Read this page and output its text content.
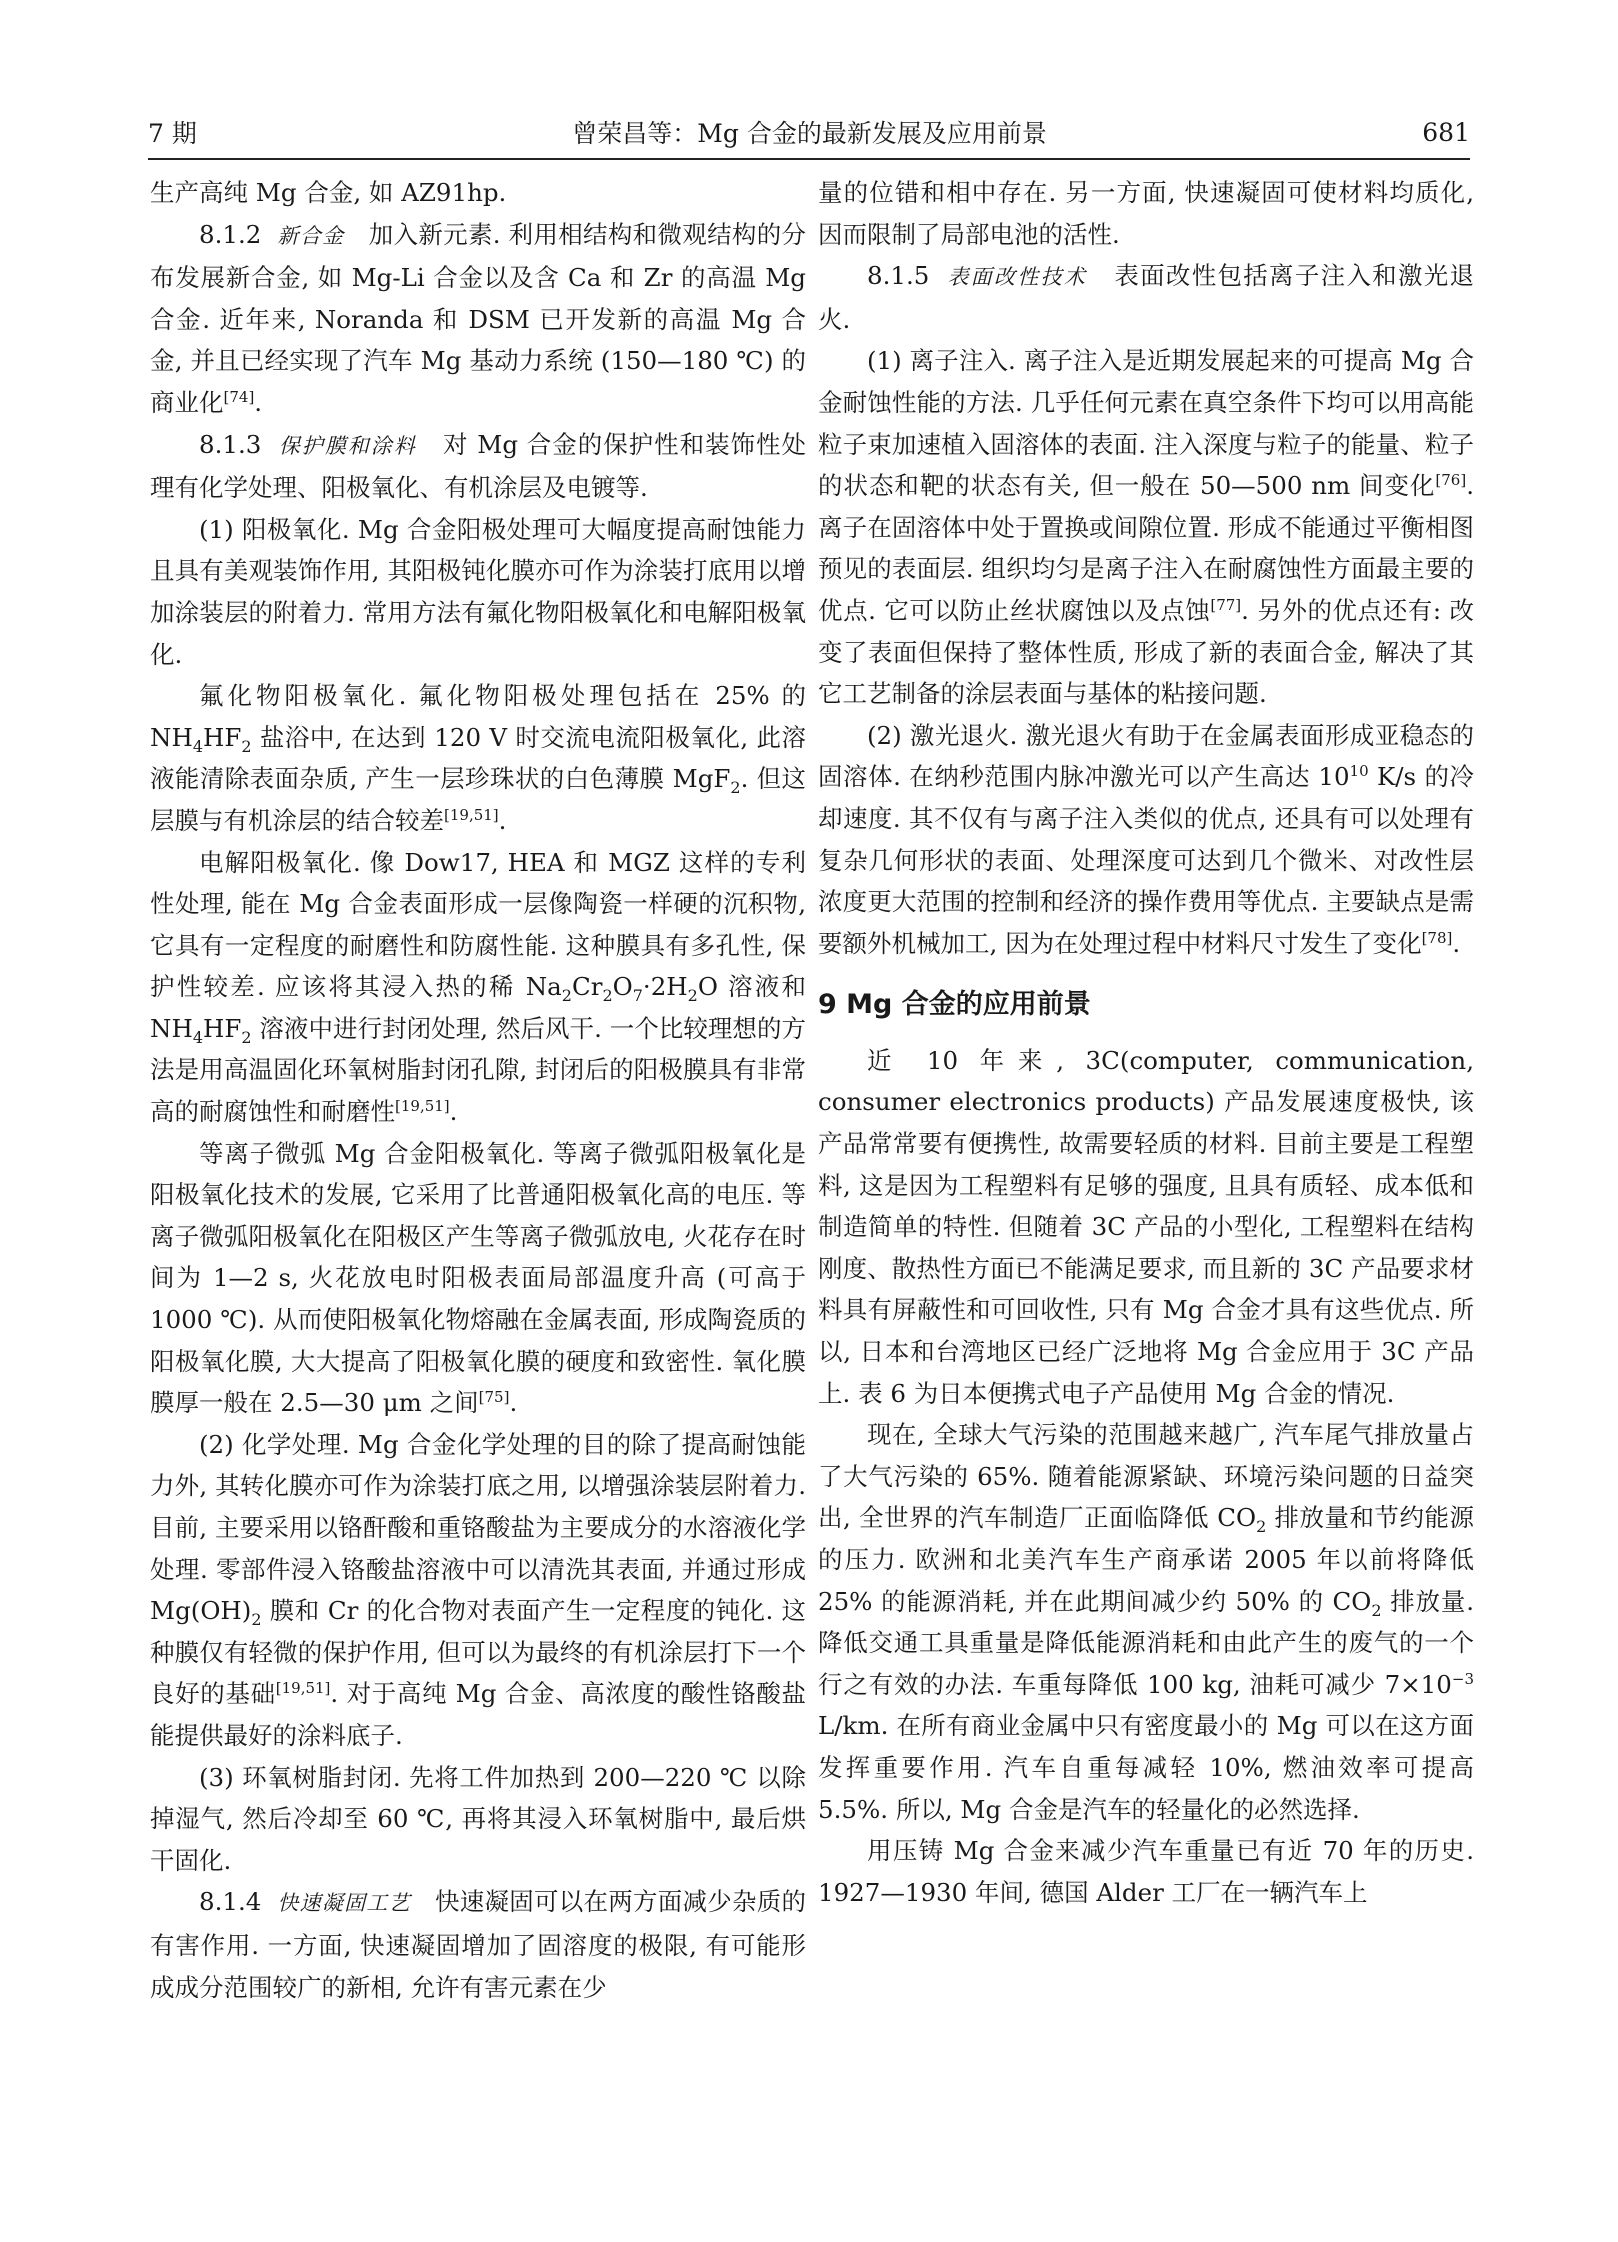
7 期	曾荣昌等：Mg 合金的最新发展及应用前景	681

生产高纯 Mg 合金, 如 AZ91hp.

8.1.2 新合金 加入新元素. 利用相结构和微观结构的分布发展新合金, 如 Mg-Li 合金以及含 Ca 和 Zr 的高温 Mg 合金. 近年来, Noranda 和 DSM 已开发新的高温 Mg 合金, 并且已经实现了汽车 Mg 基动力系统 (150—180 ℃) 的商业化[74].

8.1.3 保护膜和涂料 对 Mg 合金的保护性和装饰性处理有化学处理、阳极氧化、有机涂层及电镀等.

(1) 阳极氧化. Mg 合金阳极处理可大幅度提高耐蚀能力且具有美观装饰作用, 其阳极钝化膜亦可作为涂装打底用以增加涂装层的附着力. 常用方法有氟化物阳极氧化和电解阳极氧化.

氟化物阳极氧化. 氟化物阳极处理包括在 25% 的 $NH_4HF_2$ 盐浴中, 在达到 120 V 时交流电流阳极氧化, 此溶液能清除表面杂质, 产生一层珍珠状的白色薄膜 MgF$_2$. 但这层膜与有机涂层的结合较差[19,51].

电解阳极氧化. 像 Dow17, HEA 和 MGZ 这样的专利性处理, 能在 Mg 合金表面形成一层像陶瓷一样硬的沉积物, 它具有一定程度的耐磨性和防腐性能. 这种膜具有多孔性, 保护性较差. 应该将其浸入热的稀 $Na_2Cr_2O_7\cdot 2H_2O$ 溶液和 $NH_4HF_2$ 溶液中进行封闭处理, 然后风干. 一个比较理想的方法是用高温固化环氧树脂封闭孔隙, 封闭后的阳极膜具有非常高的耐腐蚀性和耐磨性[19,51].

等离子微弧 Mg 合金阳极氧化. 等离子微弧阳极氧化是阳极氧化技术的发展, 它采用了比普通阳极氧化高的电压. 等离子微弧阳极氧化在阳极区产生等离子微弧放电, 火花存在时间为 1—2 s, 火花放电时阳极表面局部温度升高 (可高于 1000 ℃). 从而使阳极氧化物熔融在金属表面, 形成陶瓷质的阳极氧化膜, 大大提高了阳极氧化膜的硬度和致密性. 氧化膜膜厚一般在 2.5—30 μm 之间[75].

(2) 化学处理. Mg 合金化学处理的目的除了提高耐蚀能力外, 其转化膜亦可作为涂装打底之用, 以增强涂装层附着力. 目前, 主要采用以铬酐酸和重铬酸盐为主要成分的水溶液化学处理. 零部件浸入铬酸盐溶液中可以清洗其表面, 并通过形成 $Mg(OH)_2$ 膜和 Cr 的化合物对表面产生一定程度的钝化. 这种膜仅有轻微的保护作用, 但可以为最终的有机涂层打下一个良好的基础[19,51]. 对于高纯 Mg 合金、高浓度的酸性铬酸盐能提供最好的涂料底子.

(3) 环氧树脂封闭. 先将工件加热到 200—220 ℃ 以除掉湿气, 然后冷却至 60 ℃, 再将其浸入环氧树脂中, 最后烘干固化.

8.1.4 快速凝固工艺 快速凝固可以在两方面减少杂质的有害作用. 一方面, 快速凝固增加了固溶度的极限, 有可能形成成分范围较广的新相, 允许有害元素在少

量的位错和相中存在. 另一方面, 快速凝固可使材料均质化, 因而限制了局部电池的活性.

8.1.5 表面改性技术 表面改性包括离子注入和激光退火.

(1) 离子注入. 离子注入是近期发展起来的可提高 Mg 合金耐蚀性能的方法. 几乎任何元素在真空条件下均可以用高能粒子束加速植入固溶体的表面. 注入深度与粒子的能量、粒子的状态和靶的状态有关, 但一般在 50—500 nm 间变化[76]. 离子在固溶体中处于置换或间隙位置. 形成不能通过平衡相图预见的表面层. 组织均匀是离子注入在耐腐蚀性方面最主要的优点. 它可以防止丝状腐蚀以及点蚀[77]. 另外的优点还有: 改变了表面但保持了整体性质, 形成了新的表面合金, 解决了其它工艺制备的涂层表面与基体的粘接问题.

(2) 激光退火. 激光退火有助于在金属表面形成亚稳态的固溶体. 在纳秒范围内脉冲激光可以产生高达 $10^{10}$ K/s 的冷却速度. 其不仅有与离子注入类似的优点, 还具有可以处理有复杂几何形状的表面、处理深度可达到几个微米、对改性层浓度更大范围的控制和经济的操作费用等优点. 主要缺点是需要额外机械加工, 因为在处理过程中材料尺寸发生了变化[78].

9 Mg 合金的应用前景

近 10 年来, 3C(computer, communication, consumer electronics products) 产品发展速度极快, 该产品常常要有便携性, 故需要轻质的材料. 目前主要是工程塑料, 这是因为工程塑料有足够的强度, 且具有质轻、成本低和制造简单的特性. 但随着 3C 产品的小型化, 工程塑料在结构刚度、散热性方面已不能满足要求, 而且新的 3C 产品要求材料具有屏蔽性和可回收性, 只有 Mg 合金才具有这些优点. 所以, 日本和台湾地区已经广泛地将 Mg 合金应用于 3C 产品上. 表 6 为日本便携式电子产品使用 Mg 合金的情况.

现在, 全球大气污染的范围越来越广, 汽车尾气排放量占了大气污染的 65%. 随着能源紧缺、环境污染问题的日益突出, 全世界的汽车制造厂正面临降低 $CO_2$ 排放量和节约能源的压力. 欧洲和北美汽车生产商承诺 2005 年以前将降低 25% 的能源消耗, 并在此期间减少约 50% 的 $CO_2$ 排放量. 降低交通工具重量是降低能源消耗和由此产生的废气的一个行之有效的办法. 车重每降低 100 kg, 油耗可减少 $7\times 10^{-3}$ L/km. 在所有商业金属中只有密度最小的 Mg 可以在这方面发挥重要作用. 汽车自重每减轻 10%, 燃油效率可提高 5.5%. 所以, Mg 合金是汽车的轻量化的必然选择.

用压铸 Mg 合金来减少汽车重量已有近 70 年的历史. 1927—1930 年间, 德国 Alder 工厂在一辆汽车上
